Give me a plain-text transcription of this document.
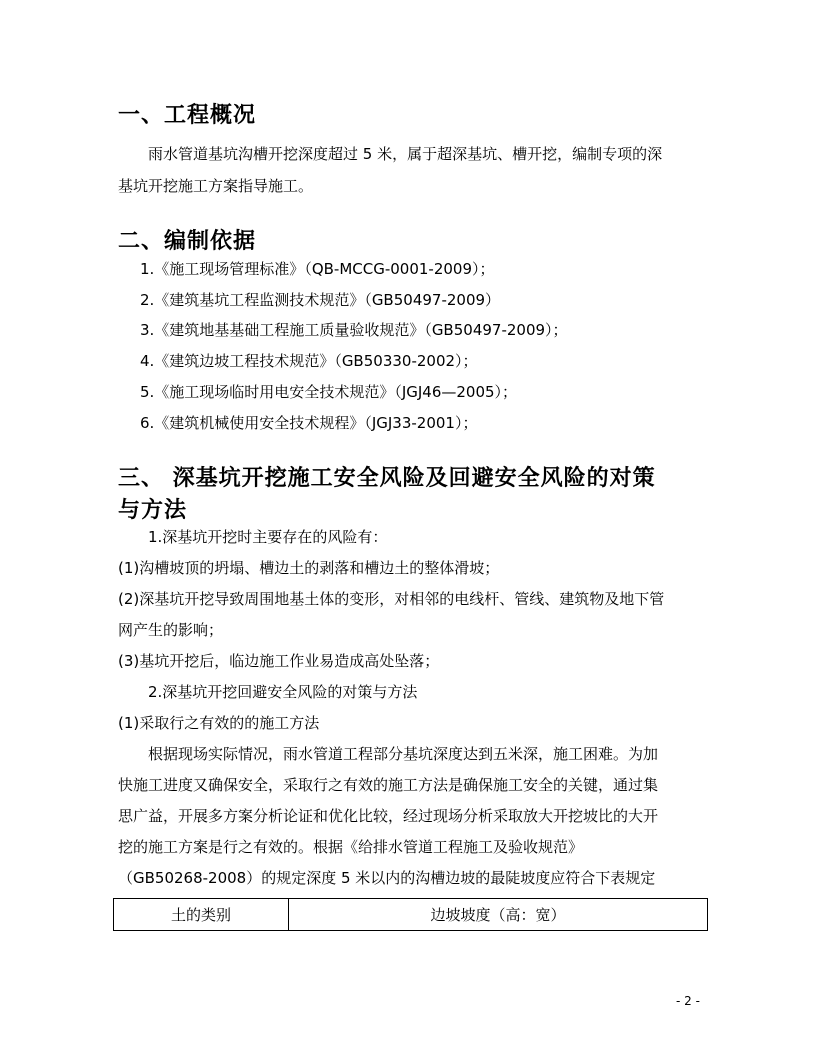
一、工程概况
雨水管道基坑沟槽开挖深度超过 5 米，属于超深基坑、槽开挖，编制专项的深
基坑开挖施工方案指导施工。
二、编制依据
1.《施工现场管理标准》（QB-MCCG-0001-2009）；
2.《建筑基坑工程监测技术规范》（GB50497-2009）
3.《建筑地基基础工程施工质量验收规范》（GB50497-2009）；
4.《建筑边坡工程技术规范》（GB50330-2002）；
5.《施工现场临时用电安全技术规范》（JGJ46—2005）；
6.《建筑机械使用安全技术规程》（JGJ33-2001）；
三、 深基坑开挖施工安全风险及回避安全风险的对策
与方法
1.深基坑开挖时主要存在的风险有：
(1)沟槽坡顶的坍塌、槽边土的剥落和槽边土的整体滑坡；
(2)深基坑开挖导致周围地基土体的变形，对相邻的电线杆、管线、建筑物及地下管
网产生的影响；
(3)基坑开挖后，临边施工作业易造成高处坠落；
2.深基坑开挖回避安全风险的对策与方法
(1)采取行之有效的的施工方法
根据现场实际情况，雨水管道工程部分基坑深度达到五米深，施工困难。为加
快施工进度又确保安全，采取行之有效的施工方法是确保施工安全的关键，通过集
思广益，开展多方案分析论证和优化比较，经过现场分析采取放大开挖坡比的大开
挖的施工方案是行之有效的。根据《给排水管道工程施工及验收规范》
（GB50268-2008）的规定深度 5 米以内的沟槽边坡的最陡坡度应符合下表规定
土的类别	边坡坡度（高：宽）
- 2 -
